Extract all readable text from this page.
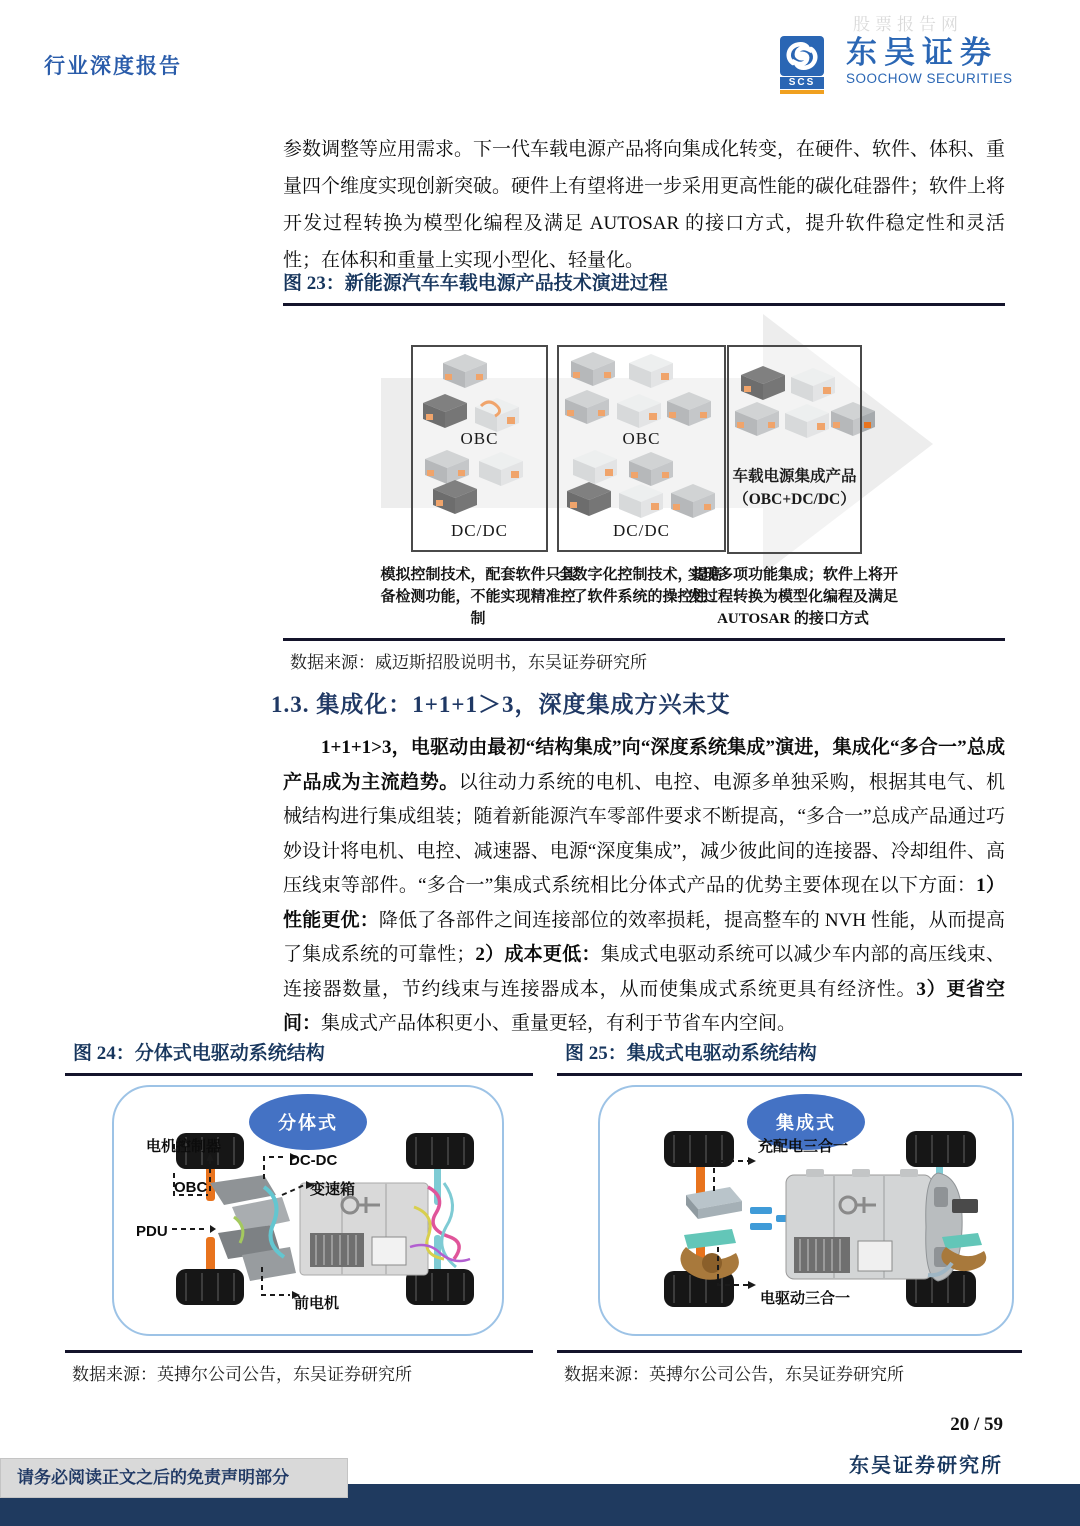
行业深度报告
股票报告网
SCS
东吴证券
SOOCHOW SECURITIES
参数调整等应用需求。下一代车载电源产品将向集成化转变，在硬件、软件、体积、重量四个维度实现创新突破。硬件上有望将进一步采用更高性能的碳化硅器件；软件上将开发过程转换为模型化编程及满足 AUTOSAR 的接口方式，提升软件稳定性和灵活性；在体积和重量上实现小型化、轻量化。
图 23：新能源汽车车载电源产品技术演进过程
OBC
DC/DC
OBC
DC/DC
车载电源集成产品
（OBC+DC/DC）
模拟控制技术，配套软件只具备检测功能，不能实现精准控制
全数字化控制技术，提高了软件系统的操控性
实现多项功能集成；软件上将开发过程转换为模型化编程及满足 AUTOSAR 的接口方式
数据来源：威迈斯招股说明书，东吴证券研究所
1.3. 集成化：1+1+1＞3，深度集成方兴未艾
1+1+1>3，电驱动由最初“结构集成”向“深度系统集成”演进，集成化“多合一”总成产品成为主流趋势。以往动力系统的电机、电控、电源多单独采购，根据其电气、机械结构进行集成组装；随着新能源汽车零部件要求不断提高，“多合一”总成产品通过巧妙设计将电机、电控、减速器、电源“深度集成”，减少彼此间的连接器、冷却组件、高压线束等部件。“多合一”集成式系统相比分体式产品的优势主要体现在以下方面：1）性能更优：降低了各部件之间连接部位的效率损耗，提高整车的 NVH 性能，从而提高了集成系统的可靠性；2）成本更低：集成式电驱动系统可以减少车内部的高压线束、连接器数量，节约线束与连接器成本，从而使集成式系统更具有经济性。3）更省空间：集成式产品体积更小、重量更轻，有利于节省车内空间。
图 24：分体式电驱动系统结构	图 25：集成式电驱动系统结构
分体式
电机控制器
OBC
PDU
DC-DC
变速箱
前电机
集成式
充配电三合一
电驱动三合一
数据来源：英搏尔公司公告，东吴证券研究所	数据来源：英搏尔公司公告，东吴证券研究所
20 / 59
东吴证券研究所
请务必阅读正文之后的免责声明部分
